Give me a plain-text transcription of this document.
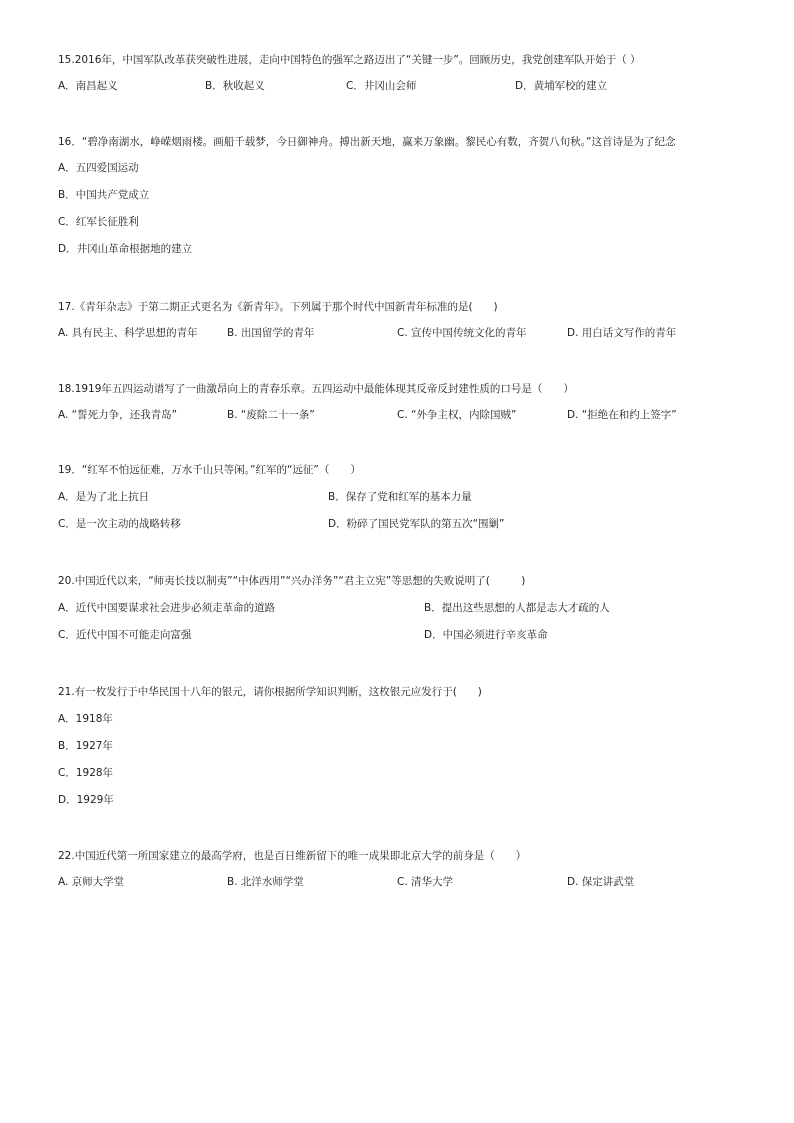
15.2016年，中国军队改革获突破性进展，走向中国特色的强军之路迈出了“关键一步”。回顾历史，我党创建军队开始于（ ）
A．南昌起义	B．秋收起义	C．井冈山会师	D．黄埔军校的建立
16．“碧净南湖水，峥嵘烟雨楼。画船千载梦，今日御神舟。搏出新天地，赢来万象幽。黎民心有数，齐贺八旬秋。”这首诗是为了纪念
A．五四爱国运动
B．中国共产党成立
C．红军长征胜利
D．井冈山革命根据地的建立
17.《青年杂志》于第二期正式更名为《新青年》。下列属于那个时代中国新青年标准的是(　　)
A. 具有民主、科学思想的青年	B. 出国留学的青年	C. 宣传中国传统文化的青年	D. 用白话文写作的青年
18.1919年五四运动谱写了一曲激昂向上的青春乐章。五四运动中最能体现其反帝反封建性质的口号是（　　）
A. “誓死力争，还我青岛”	B. “废除二十一条”	C. “外争主权，内除国贼”	D. “拒绝在和约上签字”
19．“红军不怕远征难，万水千山只等闲。”红军的“远征”（　　）
A．是为了北上抗日	B．保存了党和红军的基本力量
C．是一次主动的战略转移	D．粉碎了国民党军队的第五次“围剿”
20.中国近代以来，“师夷长技以制夷”“中体西用”“兴办洋务”“君主立宪”等思想的失败说明了(　　　)
A．近代中国要谋求社会进步必须走革命的道路	B．提出这些思想的人都是志大才疏的人
C．近代中国不可能走向富强	D．中国必须进行辛亥革命
21.有一枚发行于中华民国十八年的银元，请你根据所学知识判断，这枚银元应发行于(　　)
A．1918年
B．1927年
C．1928年
D．1929年
22.中国近代第一所国家建立的最高学府，也是百日维新留下的唯一成果即北京大学的前身是（　　）
A. 京师大学堂	B. 北洋水师学堂	C. 清华大学	D. 保定讲武堂
